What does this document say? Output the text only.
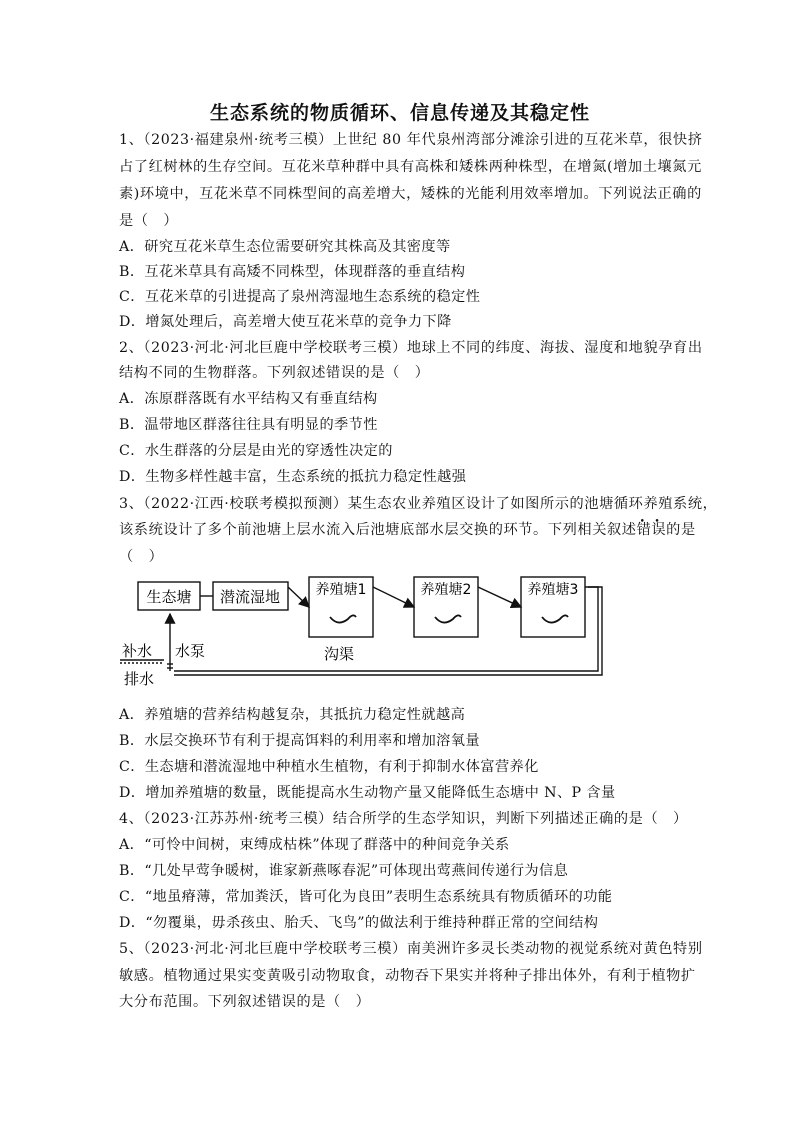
生态系统的物质循环、信息传递及其稳定性
1、（2023·福建泉州·统考三模）上世纪 80 年代泉州湾部分滩涂引进的互花米草，很快挤
占了红树林的生存空间。互花米草种群中具有高株和矮株两种株型，在增氮(增加土壤氮元
素)环境中，互花米草不同株型间的高差增大，矮株的光能利用效率增加。下列说法正确的
是（　）
A．研究互花米草生态位需要研究其株高及其密度等
B．互花米草具有高矮不同株型，体现群落的垂直结构
C．互花米草的引进提高了泉州湾湿地生态系统的稳定性
D．增氮处理后，高差增大使互花米草的竞争力下降
2、（2023·河北·河北巨鹿中学校联考三模）地球上不同的纬度、海拔、湿度和地貌孕育出
结构不同的生物群落。下列叙述错误的是（　）
A．冻原群落既有水平结构又有垂直结构
B．温带地区群落往往具有明显的季节性
C．水生群落的分层是由光的穿透性决定的
D．生物多样性越丰富，生态系统的抵抗力稳定性越强
3、（2022·江西·校联考模拟预测）某生态农业养殖区设计了如图所示的池塘循环养殖系统，
该系统设计了多个前池塘上层水流入后池塘底部水层交换的环节。下列相关叙述错误的是
（　）
生态塘 潜流湿地	养殖塘1	养殖塘2	养殖塘3
补水 水泵	沟渠
排水
A．养殖塘的营养结构越复杂，其抵抗力稳定性就越高
B．水层交换环节有利于提高饵料的利用率和增加溶氧量
C．生态塘和潜流湿地中种植水生植物，有利于抑制水体富营养化
D．增加养殖塘的数量，既能提高水生动物产量又能降低生态塘中 N、P 含量
4、（2023·江苏苏州·统考三模）结合所学的生态学知识，判断下列描述正确的是（　）
A．“可怜中间树，束缚成枯株”体现了群落中的种间竞争关系
B．“几处早莺争暖树，谁家新燕啄春泥”可体现出莺燕间传递行为信息
C．“地虽瘠薄，常加粪沃，皆可化为良田”表明生态系统具有物质循环的功能
D．“勿覆巢，毋杀孩虫、胎夭、飞鸟”的做法利于维持种群正常的空间结构
5、（2023·河北·河北巨鹿中学校联考三模）南美洲许多灵长类动物的视觉系统对黄色特别
敏感。植物通过果实变黄吸引动物取食，动物吞下果实并将种子排出体外，有利于植物扩
大分布范围。下列叙述错误的是（　）
